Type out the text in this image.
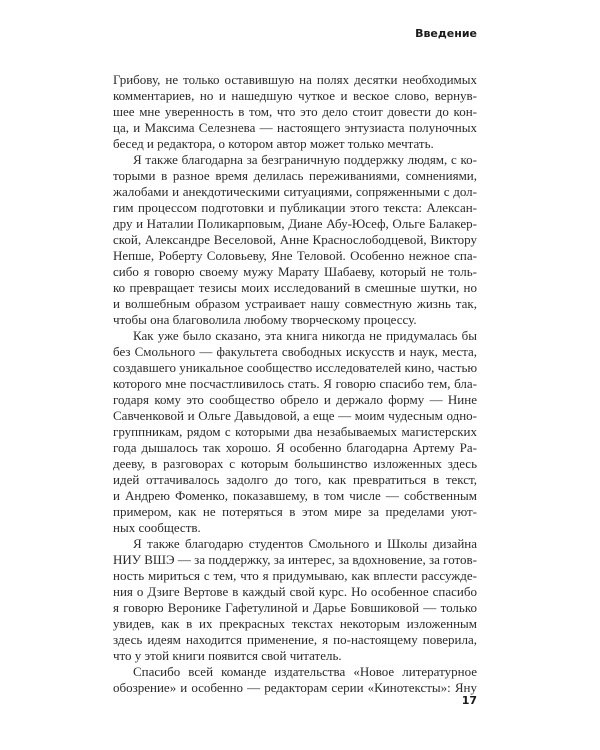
Введение
Грибову, не только оставившую на полях десятки необходимых
комментариев, но и нашедшую чуткое и веское слово, вернув-
шее мне уверенность в том, что это дело стоит довести до кон-
ца, и Максима Селезнева — настоящего энтузиаста полуночных
бесед и редактора, о котором автор может только мечтать.
Я также благодарна за безграничную поддержку людям, с ко-
торыми в разное время делилась переживаниями, сомнениями,
жалобами и анекдотическими ситуациями, сопряженными с дол-
гим процессом подготовки и публикации этого текста: Алексан-
дру и Наталии Поликарповым, Диане Абу-Юсеф, Ольге Балакер-
ской, Александре Веселовой, Анне Краснослободцевой, Виктору
Непше, Роберту Соловьеву, Яне Теловой. Особенно нежное спа-
сибо я говорю своему мужу Марату Шабаеву, который не толь-
ко превращает тезисы моих исследований в смешные шутки, но
и волшебным образом устраивает нашу совместную жизнь так,
чтобы она благоволила любому творческому процессу.
Как уже было сказано, эта книга никогда не придумалась бы
без Смольного — факультета свободных искусств и наук, места,
создавшего уникальное сообщество исследователей кино, частью
которого мне посчастливилось стать. Я говорю спасибо тем, бла-
годаря кому это сообщество обрело и держало форму — Нине
Савченковой и Ольге Давыдовой, а еще — моим чудесным одно-
группникам, рядом с которыми два незабываемых магистерских
года дышалось так хорошо. Я особенно благодарна Артему Ра-
дееву, в разговорах с которым большинство изложенных здесь
идей оттачивалось задолго до того, как превратиться в текст,
и Андрею Фоменко, показавшему, в том числе — собственным
примером, как не потеряться в этом мире за пределами уют-
ных сообществ.
Я также благодарю студентов Смольного и Школы дизайна
НИУ ВШЭ — за поддержку, за интерес, за вдохновение, за готов-
ность мириться с тем, что я придумываю, как вплести рассужде-
ния о Дзиге Вертове в каждый свой курс. Но особенное спасибо
я говорю Веронике Гафетулиной и Дарье Бовшиковой — только
увидев, как в их прекрасных текстах некоторым изложенным
здесь идеям находится применение, я по-настоящему поверила,
что у этой книги появится свой читатель.
Спасибо всей команде издательства «Новое литературное
обозрение» и особенно — редакторам серии «Кинотексты»: Яну
17
